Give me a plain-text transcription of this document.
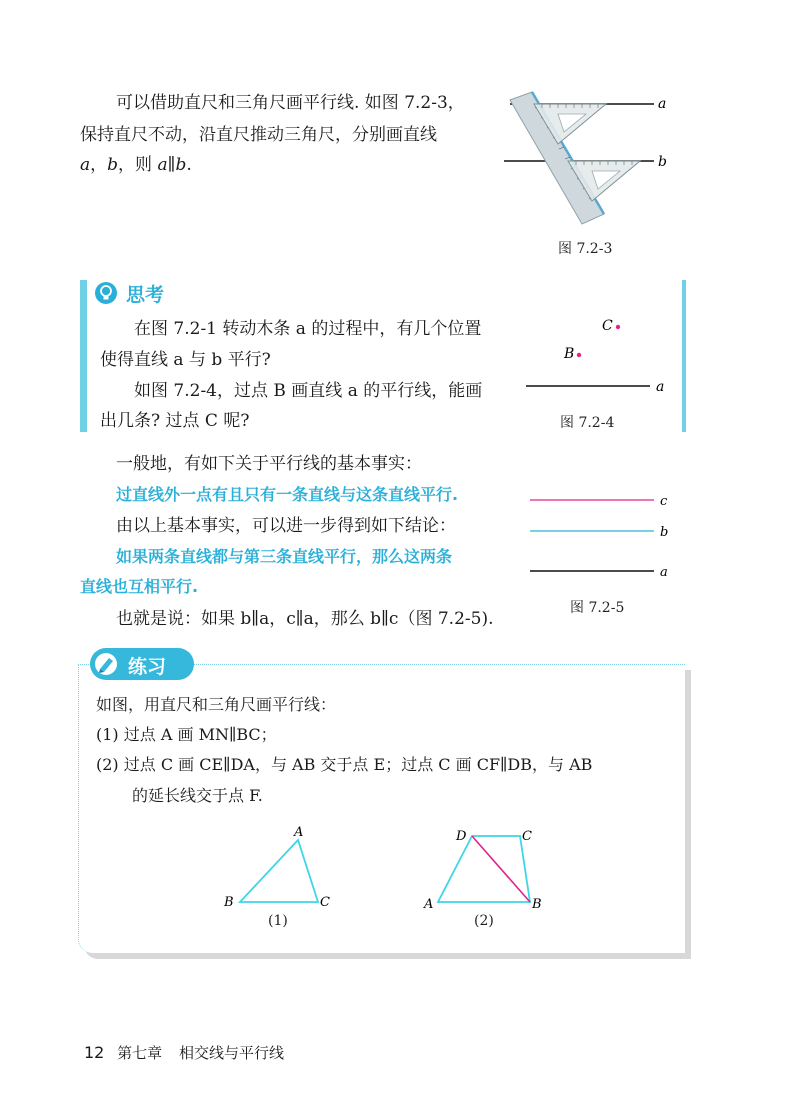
可以借助直尺和三角尺画平行线. 如图 7.2-3，
保持直尺不动，沿直尺推动三角尺，分别画直线
a，b，则 a∥b.
a
b
图 7.2-3
思考
在图 7.2-1 转动木条 a 的过程中，有几个位置
使得直线 a 与 b 平行?
如图 7.2-4，过点 B 画直线 a 的平行线，能画
出几条? 过点 C 呢?
C
B
a
图 7.2-4
一般地，有如下关于平行线的基本事实：
过直线外一点有且只有一条直线与这条直线平行.
由以上基本事实，可以进一步得到如下结论：
如果两条直线都与第三条直线平行，那么这两条
直线也互相平行.
也就是说：如果 b∥a，c∥a，那么 b∥c（图 7.2-5).
c
b
a
图 7.2-5
练习
如图，用直尺和三角尺画平行线：
(1) 过点 A 画 MN∥BC；
(2) 过点 C 画 CE∥DA，与 AB 交于点 E；过点 C 画 CF∥DB，与 AB
的延长线交于点 F.
A
B	C
(1)
D	C
A	B
(2)
12 第七章 相交线与平行线
